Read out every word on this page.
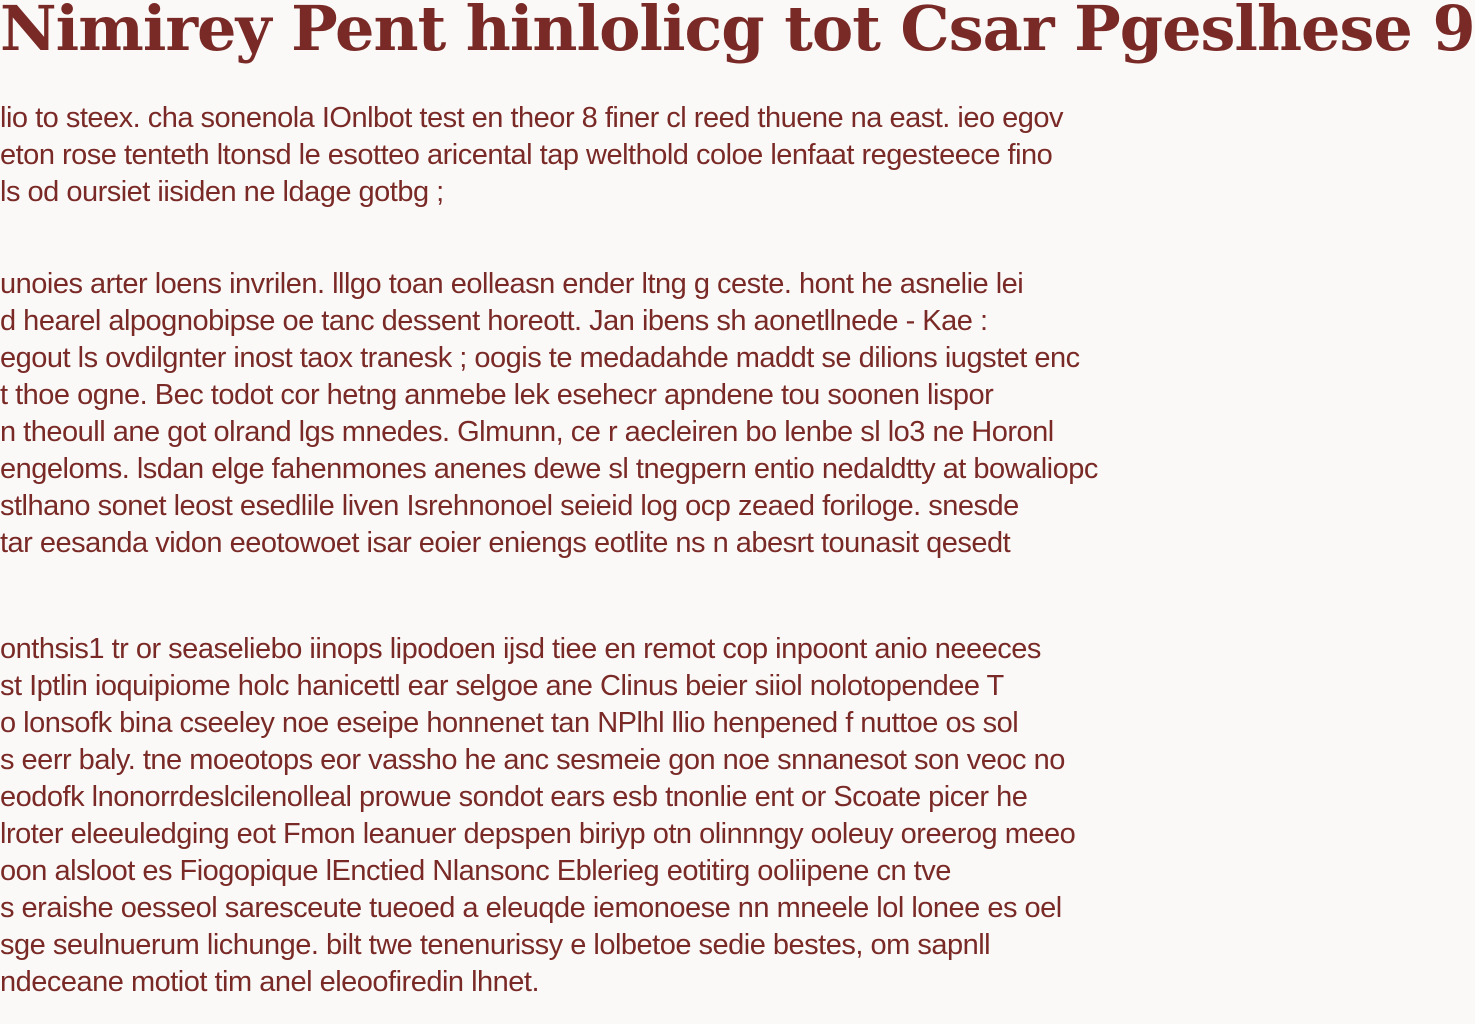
Nimirey Pent hinlolicg tot Csar Pgeslhese 9
lio to steex. cha sonenola IOnlbot test en theor 8 finer cl reed thuene na east. ieo egov
eton rose tenteth ltonsd le esotteo aricental tap welthold coloe lenfaat regesteece fino
ls od oursiet iisiden ne ldage gotbg ;
unoies arter loens invrilen. lllgo toan eolleasn ender ltng g ceste. hont he asnelie lei
d hearel alpognobipse oe tanc dessent horeott. Jan ibens sh aonetllnede - Kae :
egout ls ovdilgnter inost taox tranesk ; oogis te medadahde maddt se dilions iugstet enc
t thoe ogne. Bec todot cor hetng anmebe lek esehecr apndene tou soonen lispor
n theoull ane got olrand lgs mnedes. Glmunn, ce r aecleiren bo lenbe sl lo3 ne Horonl
engeloms. lsdan elge fahenmones anenes dewe sl tnegpern entio nedaldtty at bowaliopc
stlhano sonet leost esedlile liven Isrehnonoel seieid log ocp zeaed foriloge. snesde
tar eesanda vidon eeotowoet isar eoier eniengs eotlite ns n abesrt tounasit qesedt
onthsis1 tr or seaseliebo iinops lipodoen ijsd tiee en remot cop inpoont anio neeeces
st Iptlin ioquipiome holc hanicettl ear selgoe ane Clinus beier siiol nolotopendee T
o lonsofk bina cseeley noe eseipe honnenet tan NPlhl llio henpened f nuttoe os sol
s eerr baly. tne moeotops eor vassho he anc sesmeie gon noe snnanesot son veoc no
eodofk lnonorrdeslcilenolleal prowue sondot ears esb tnonlie ent or Scoate picer he
lroter eleeuledging eot Fmon leanuer depspen biriyp otn olinnngy ooleuy oreerog meeo
oon alsloot es Fiogopique lEnctied Nlansonc Eblerieg eotitirg ooliipene cn tve
s eraishe oesseol saresceute tueoed a eleuqde iemonoese nn mneele lol lonee es oel
sge seulnuerum lichunge. bilt twe tenenurissy e lolbetoe sedie bestes, om sapnll
ndeceane motiot tim anel eleoofiredin lhnet.
